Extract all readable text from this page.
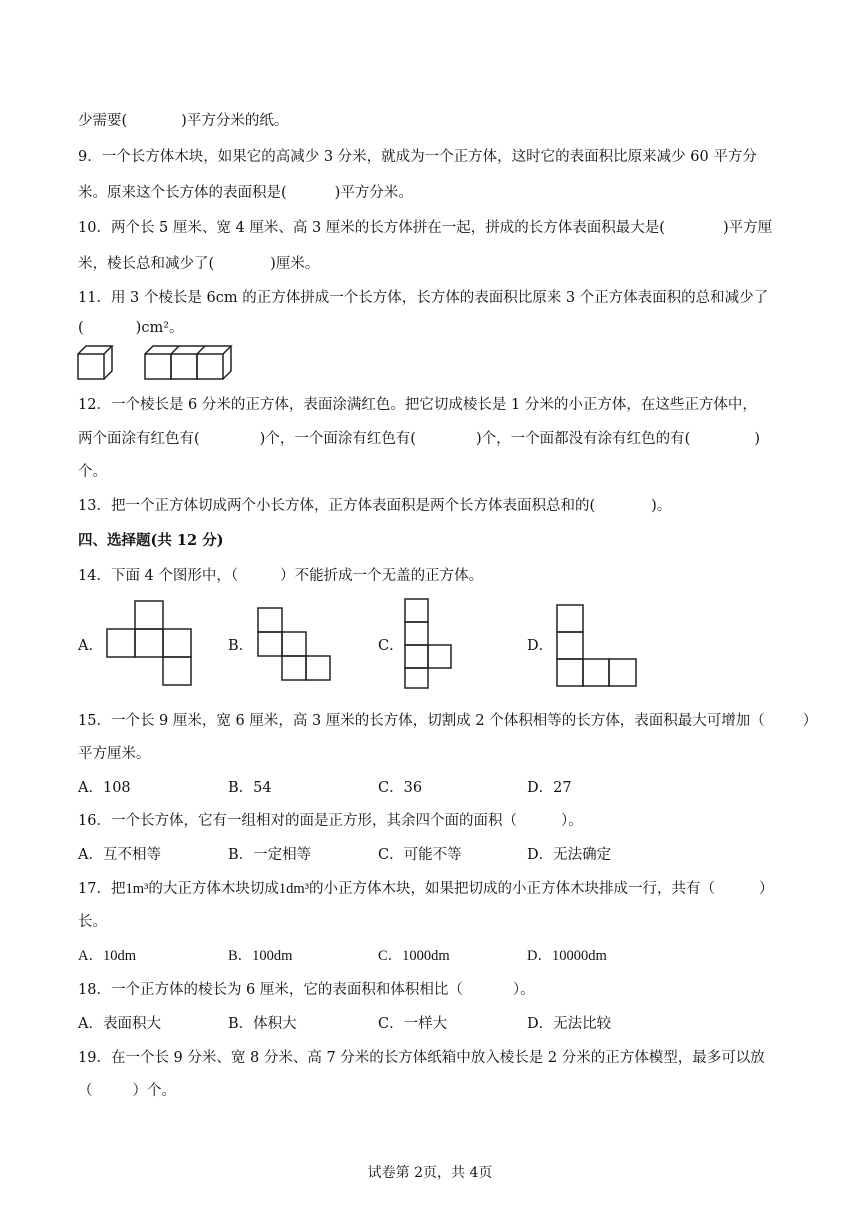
少需要(	)平方分米的纸。
9．一个长方体木块，如果它的高减少 3 分米，就成为一个正方体，这时它的表面积比原来减少 60 平方分
米。原来这个长方体的表面积是(	)平方分米。
10．两个长 5 厘米、宽 4 厘米、高 3 厘米的长方体拼在一起，拼成的长方体表面积最大是(	)平方厘
米，棱长总和减少了(	)厘米。
11．用 3 个棱长是 6cm 的正方体拼成一个长方体，长方体的表面积比原来 3 个正方体表面积的总和减少了
(	)cm²。
12．一个棱长是 6 分米的正方体，表面涂满红色。把它切成棱长是 1 分米的小正方体，在这些正方体中，
两个面涂有红色有(	)个，一个面涂有红色有(	)个，一个面都没有涂有红色的有(	)
个。
13．把一个正方体切成两个小长方体，正方体表面积是两个长方体表面积总和的(	)。
四、选择题(共 12 分)
14．下面 4 个图形中，（	）不能折成一个无盖的正方体。
A．	B．	C．	D．
15．一个长 9 厘米，宽 6 厘米，高 3 厘米的长方体，切割成 2 个体积相等的长方体，表面积最大可增加（	）
平方厘米。
A．108	B．54	C．36	D．27
16．一个长方体，它有一组相对的面是正方形，其余四个面的面积（	）。
A．互不相等	B．一定相等	C．可能不等	D．无法确定
17．把1m³的大正方体木块切成1dm³的小正方体木块，如果把切成的小正方体木块排成一行，共有（	）
长。
A．10dm	B．100dm	C．1000dm	D．10000dm
18．一个正方体的棱长为 6 厘米，它的表面积和体积相比（	）。
A．表面积大	B．体积大	C．一样大	D．无法比较
19．在一个长 9 分米、宽 8 分米、高 7 分米的长方体纸箱中放入棱长是 2 分米的正方体模型，最多可以放
（	）个。
试卷第 2页，共 4页
